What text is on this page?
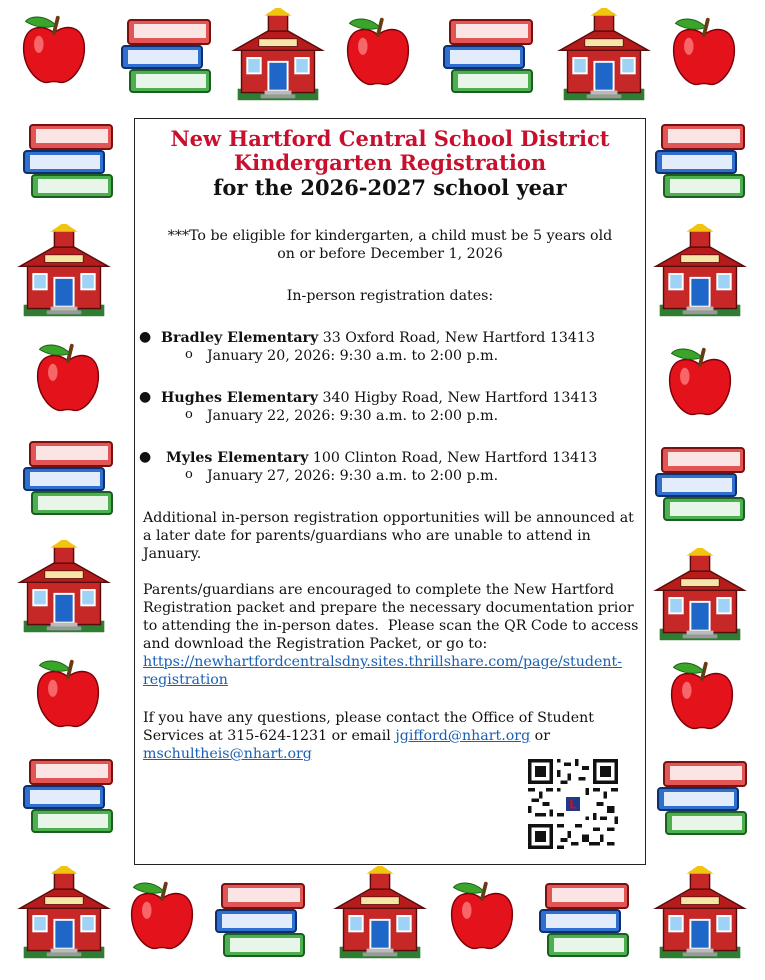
New Hartford Central School District
Kindergarten Registration
for the 2026-2027 school year
***To be eligible for kindergarten, a child must be 5 years old
on or before December 1, 2026
In-person registration dates:
● Bradley Elementary 33 Oxford Road, New Hartford 13413
o January 20, 2026: 9:30 a.m. to 2:00 p.m.
● Hughes Elementary 340 Higby Road, New Hartford 13413
o January 22, 2026: 9:30 a.m. to 2:00 p.m.
● Myles Elementary 100 Clinton Road, New Hartford 13413
o January 27, 2026: 9:30 a.m. to 2:00 p.m.
Additional in-person registration opportunities will be announced at
a later date for parents/guardians who are unable to attend in
January.
Parents/guardians are encouraged to complete the New Hartford
Registration packet and prepare the necessary documentation prior
to attending the in-person dates.  Please scan the QR Code to access
and download the Registration Packet, or go to:
https://newhartfordcentralsdny.sites.thrillshare.com/page/student-
registration
If you have any questions, please contact the Office of Student
Services at 315-624-1231 or email jgifford@nhart.org or
mschultheis@nhart.org
L
